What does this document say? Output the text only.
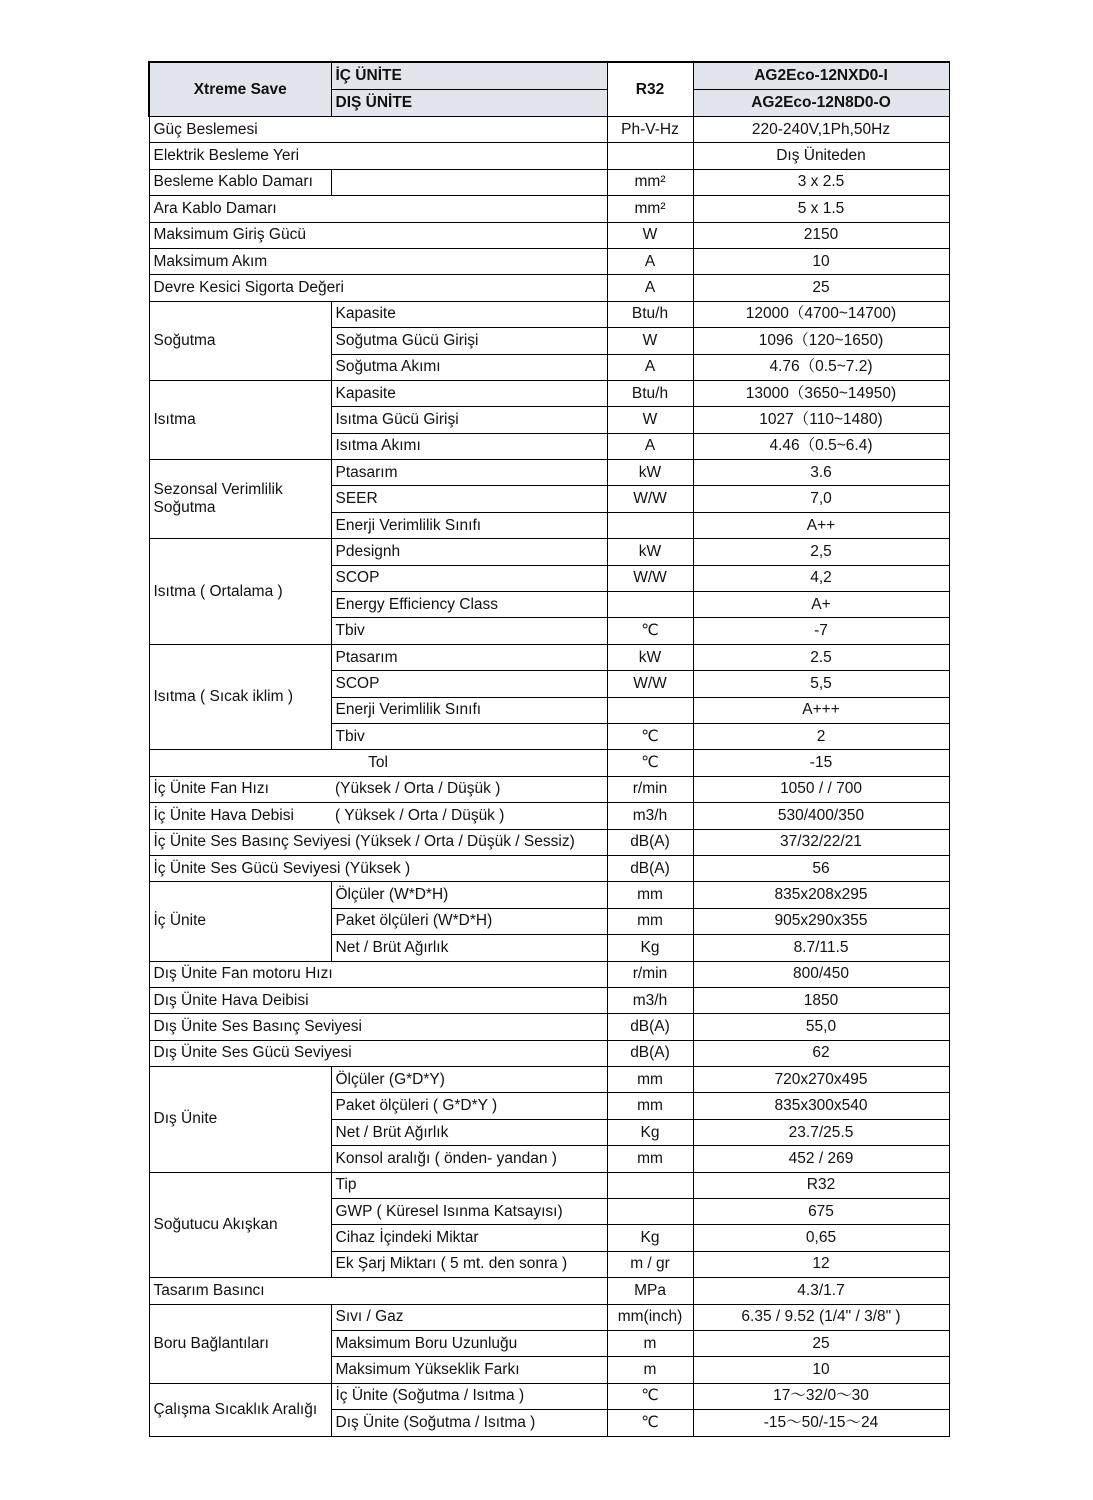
Xtreme Save	İÇ ÜNİTE	R32	AG2Eco-12NXD0-I
	DIŞ ÜNİTE		AG2Eco-12N8D0-O
Güç Beslemesi		Ph-V-Hz	220-240V,1Ph,50Hz
Elektrik Besleme Yeri			Dış Üniteden
Besleme Kablo Damarı		mm²	3 x 2.5
Ara Kablo Damarı		mm²	5 x 1.5
Maksimum Giriş Gücü		W	2150
Maksimum Akım		A	10
Devre Kesici Sigorta Değeri		A	25
Soğutma	Kapasite	Btu/h	12000（4700~14700)
	Soğutma Gücü Girişi	W	1096（120~1650)
	Soğutma Akımı	A	4.76（0.5~7.2)
Isıtma	Kapasite	Btu/h	13000（3650~14950)
	Isıtma Gücü Girişi	W	1027（110~1480)
	Isıtma Akımı	A	4.46（0.5~6.4)
Sezonsal Verimlilik Soğutma	Ptasarım	kW	3.6
	SEER	W/W	7,0
	Enerji Verimlilik Sınıfı		A++
Isıtma ( Ortalama )	Pdesignh	kW	2,5
	SCOP	W/W	4,2
	Energy Efficiency Class		A+
	Tbiv	℃	-7
Isıtma ( Sıcak iklim )	Ptasarım	kW	2.5
	SCOP	W/W	5,5
	Enerji Verimlilik Sınıfı		A+++
	Tbiv	℃	2
Tol		℃	-15
İç Ünite Fan Hızı	(Yüksek / Orta / Düşük )	r/min	1050 / / 700
İç Ünite Hava Debisi	( Yüksek / Orta / Düşük )	m3/h	530/400/350
İç Ünite Ses Basınç Seviyesi (Yüksek / Orta / Düşük / Sessiz)		dB(A)	37/32/22/21
İç Ünite Ses Gücü Seviyesi (Yüksek )		dB(A)	56
İç Ünite	Ölçüler (W*D*H)	mm	835x208x295
	Paket ölçüleri (W*D*H)	mm	905x290x355
	Net / Brüt Ağırlık	Kg	8.7/11.5
Dış Ünite Fan motoru Hızı		r/min	800/450
Dış Ünite Hava Deibisi		m3/h	1850
Dış Ünite Ses Basınç Seviyesi		dB(A)	55,0
Dış Ünite Ses Gücü Seviyesi		dB(A)	62
Dış Ünite	Ölçüler (G*D*Y)	mm	720x270x495
	Paket ölçüleri ( G*D*Y )	mm	835x300x540
	Net / Brüt Ağırlık	Kg	23.7/25.5
	Konsol aralığı ( önden- yandan )	mm	452 / 269
Soğutucu Akışkan	Tip		R32
	GWP ( Küresel Isınma Katsayısı)		675
	Cihaz İçindeki Miktar	Kg	0,65
	Ek Şarj Miktarı ( 5 mt. den sonra )	m / gr	12
Tasarım Basıncı		MPa	4.3/1.7
Boru Bağlantıları	Sıvı / Gaz	mm(inch)	6.35 / 9.52 (1/4" / 3/8" )
	Maksimum Boru Uzunluğu	m	25
	Maksimum Yükseklik Farkı	m	10
Çalışma Sıcaklık Aralığı	İç Ünite (Soğutma / Isıtma )	℃	17～32/0～30
	Dış Ünite (Soğutma / Isıtma )	℃	-15～50/-15～24
